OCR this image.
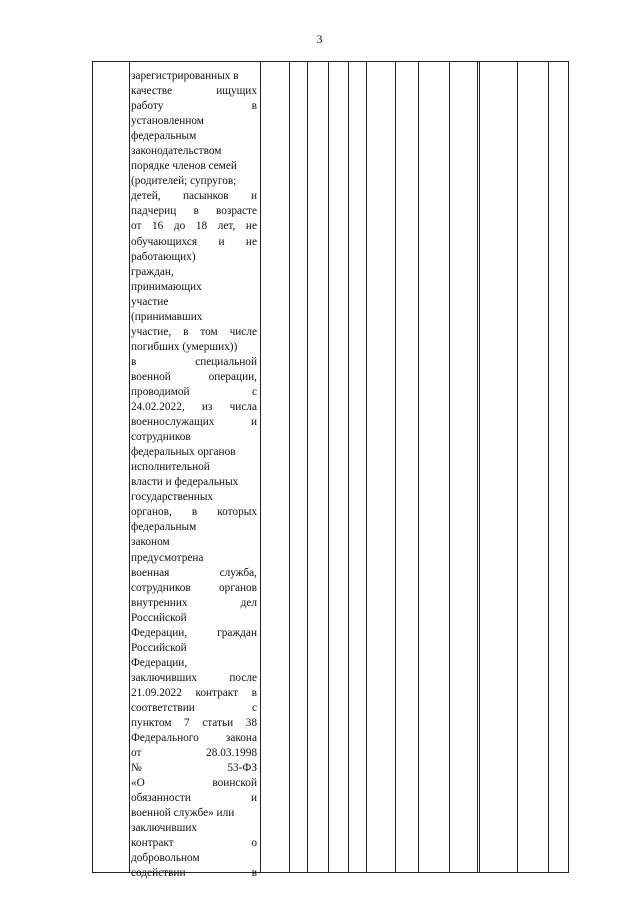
3
зарегистрированных в
качестве	ищущих
работу	в
установленном
федеральным
законодательством
порядке членов семей
(родителей; супругов;
детей, пасынков и
падчериц в возрасте
от 16 до 18 лет, не
обучающихся и не
работающих)
граждан,
принимающих
участие
(принимавших
участие, в том числе
погибших (умерших))
в	специальной
военной	операции,
проводимой	с
24.02.2022, из числа
военнослужащих	и
сотрудников
федеральных органов
исполнительной
власти и федеральных
государственных
органов, в которых
федеральным
законом
предусмотрена
военная	служба,
сотрудников	органов
внутренних	дел
Российской
Федерации,	граждан
Российской
Федерации,
заключивших	после
21.09.2022 контракт в
соответствии	с
пунктом 7 статьи 38
Федерального закона
от	28.03.1998
№	53-ФЗ
«О	воинской
обязанности	и
военной службе» или
заключивших
контракт	о
добровольном
содействии	в
